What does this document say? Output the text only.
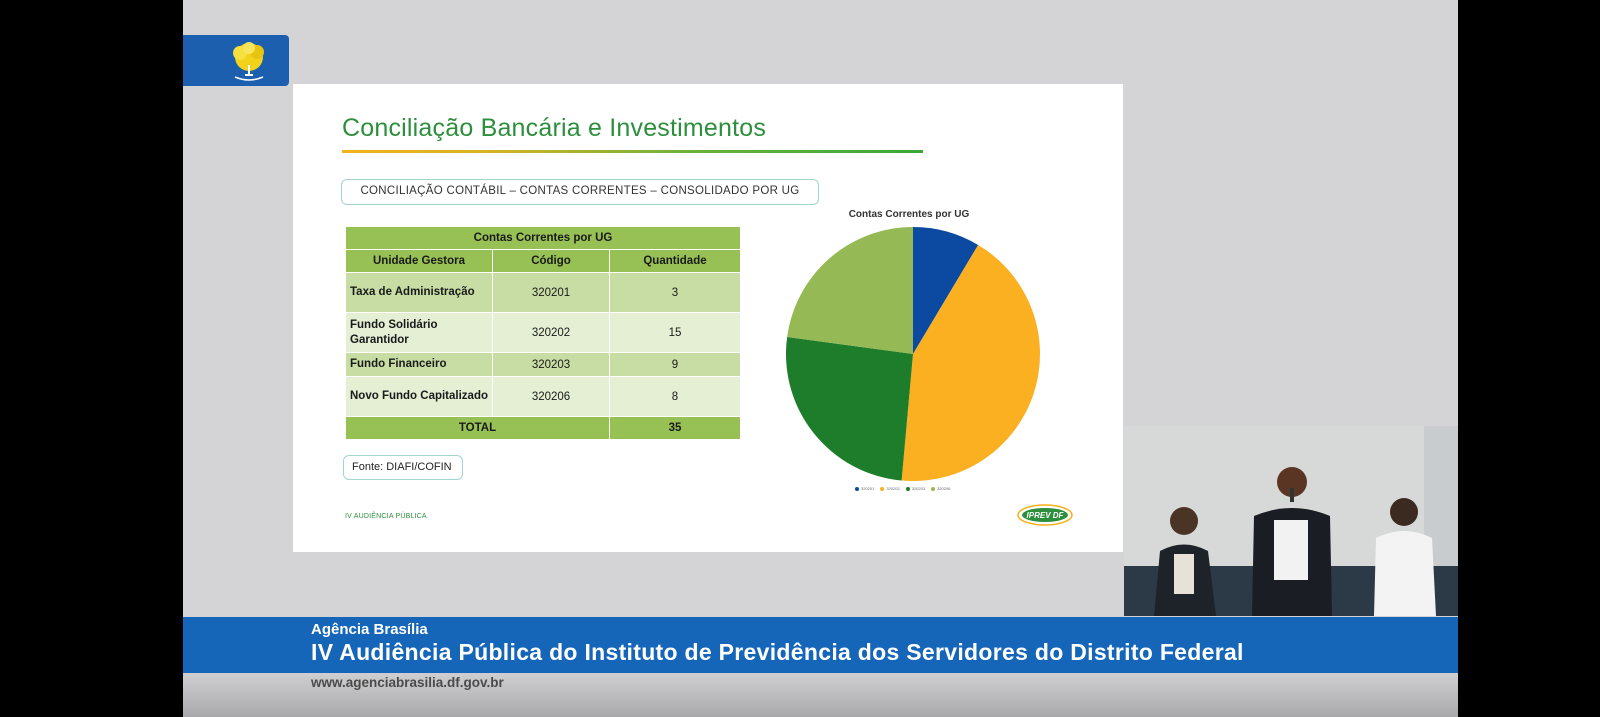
Conciliação Bancária e Investimentos
CONCILIAÇÃO CONTÁBIL – CONTAS CORRENTES – CONSOLIDADO POR UG
Contas Correntes por UG		
Unidade Gestora	Código	Quantidade
Taxa de Administração	320201	3
Fundo Solidário Garantidor	320202	15
Fundo Financeiro	320203	9
Novo Fundo Capitalizado	320206	8
TOTAL		35
Fonte: DIAFI/COFIN
IV AUDIÊNCIA PÚBLICA
Contas Correntes por UG
320201	320202	320203	320206
IPREV DF
Agência Brasília
IV Audiência Pública do Instituto de Previdência dos Servidores do Distrito Federal
www.agenciabrasilia.df.gov.br
